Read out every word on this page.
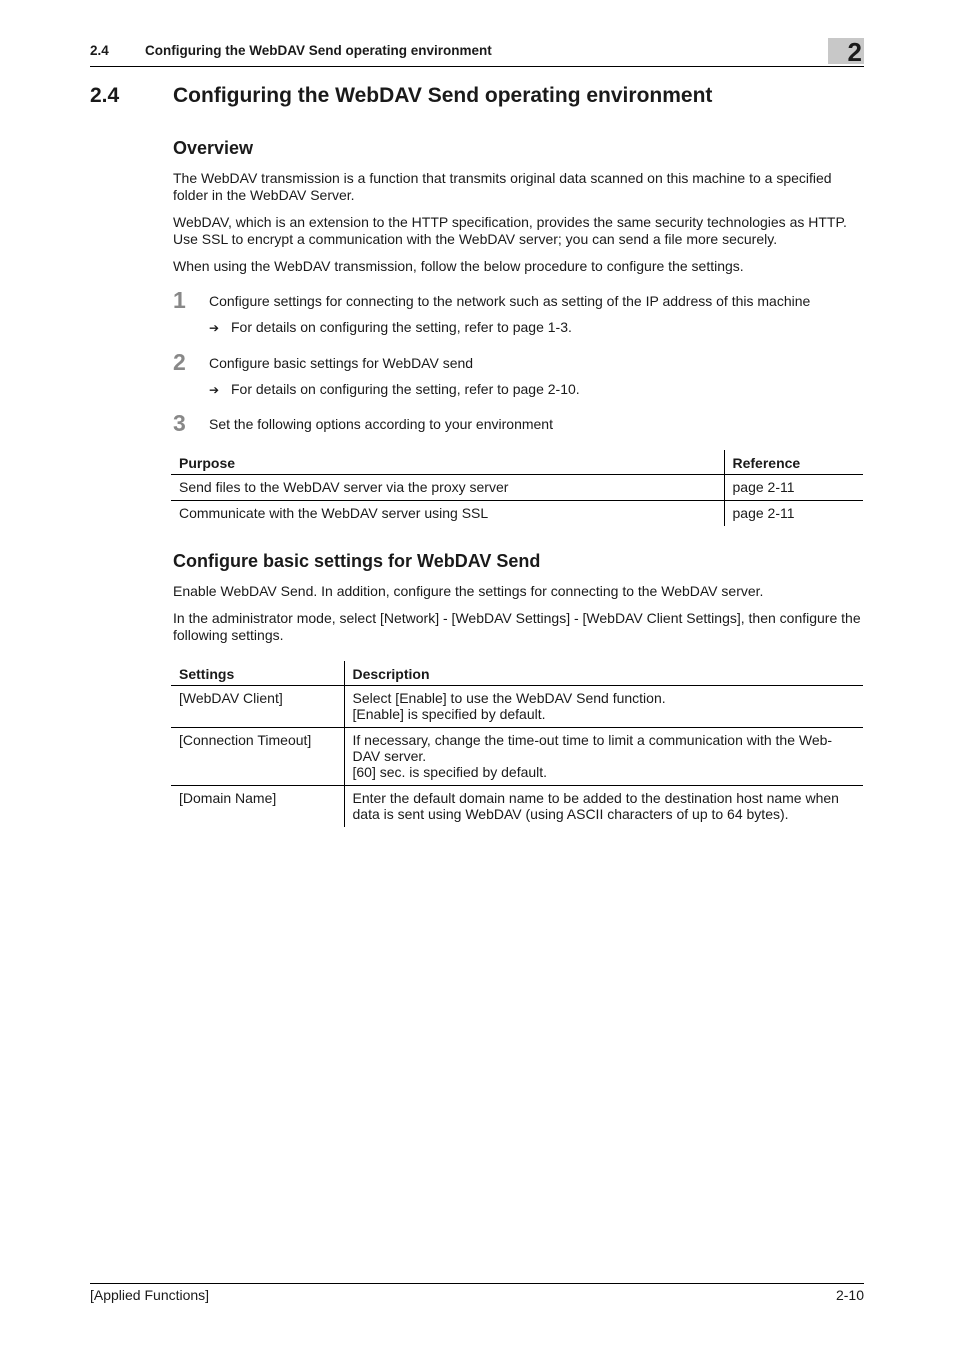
2.4	Configuring the WebDAV Send operating environment	2
2.4	Configuring the WebDAV Send operating environment
Overview

The WebDAV transmission is a function that transmits original data scanned on this machine to a specified folder in the WebDAV Server.

WebDAV, which is an extension to the HTTP specification, provides the same security technologies as HTTP. Use SSL to encrypt a communication with the WebDAV server; you can send a file more securely.

When using the WebDAV transmission, follow the below procedure to configure the settings.

1 Configure settings for connecting to the network such as setting of the IP address of this machine
➔ For details on configuring the setting, refer to page 1-3.
2 Configure basic settings for WebDAV send
➔ For details on configuring the setting, refer to page 2-10.
3 Set the following options according to your environment
Purpose	Reference
Send files to the WebDAV server via the proxy server	page 2-11
Communicate with the WebDAV server using SSL	page 2-11
Configure basic settings for WebDAV Send

Enable WebDAV Send. In addition, configure the settings for connecting to the WebDAV server.

In the administrator mode, select [Network] - [WebDAV Settings] - [WebDAV Client Settings], then configure the following settings.

Settings	Description
[WebDAV Client]	Select [Enable] to use the WebDAV Send function.
[Enable] is specified by default.

[Connection Timeout]	If necessary, change the time-out time to limit a communication with the Web-
DAV server.
[60] sec. is specified by default.

[Domain Name]	Enter the default domain name to be added to the destination host name when
data is sent using WebDAV (using ASCII characters of up to 64 bytes).
[Applied Functions]	2-10
